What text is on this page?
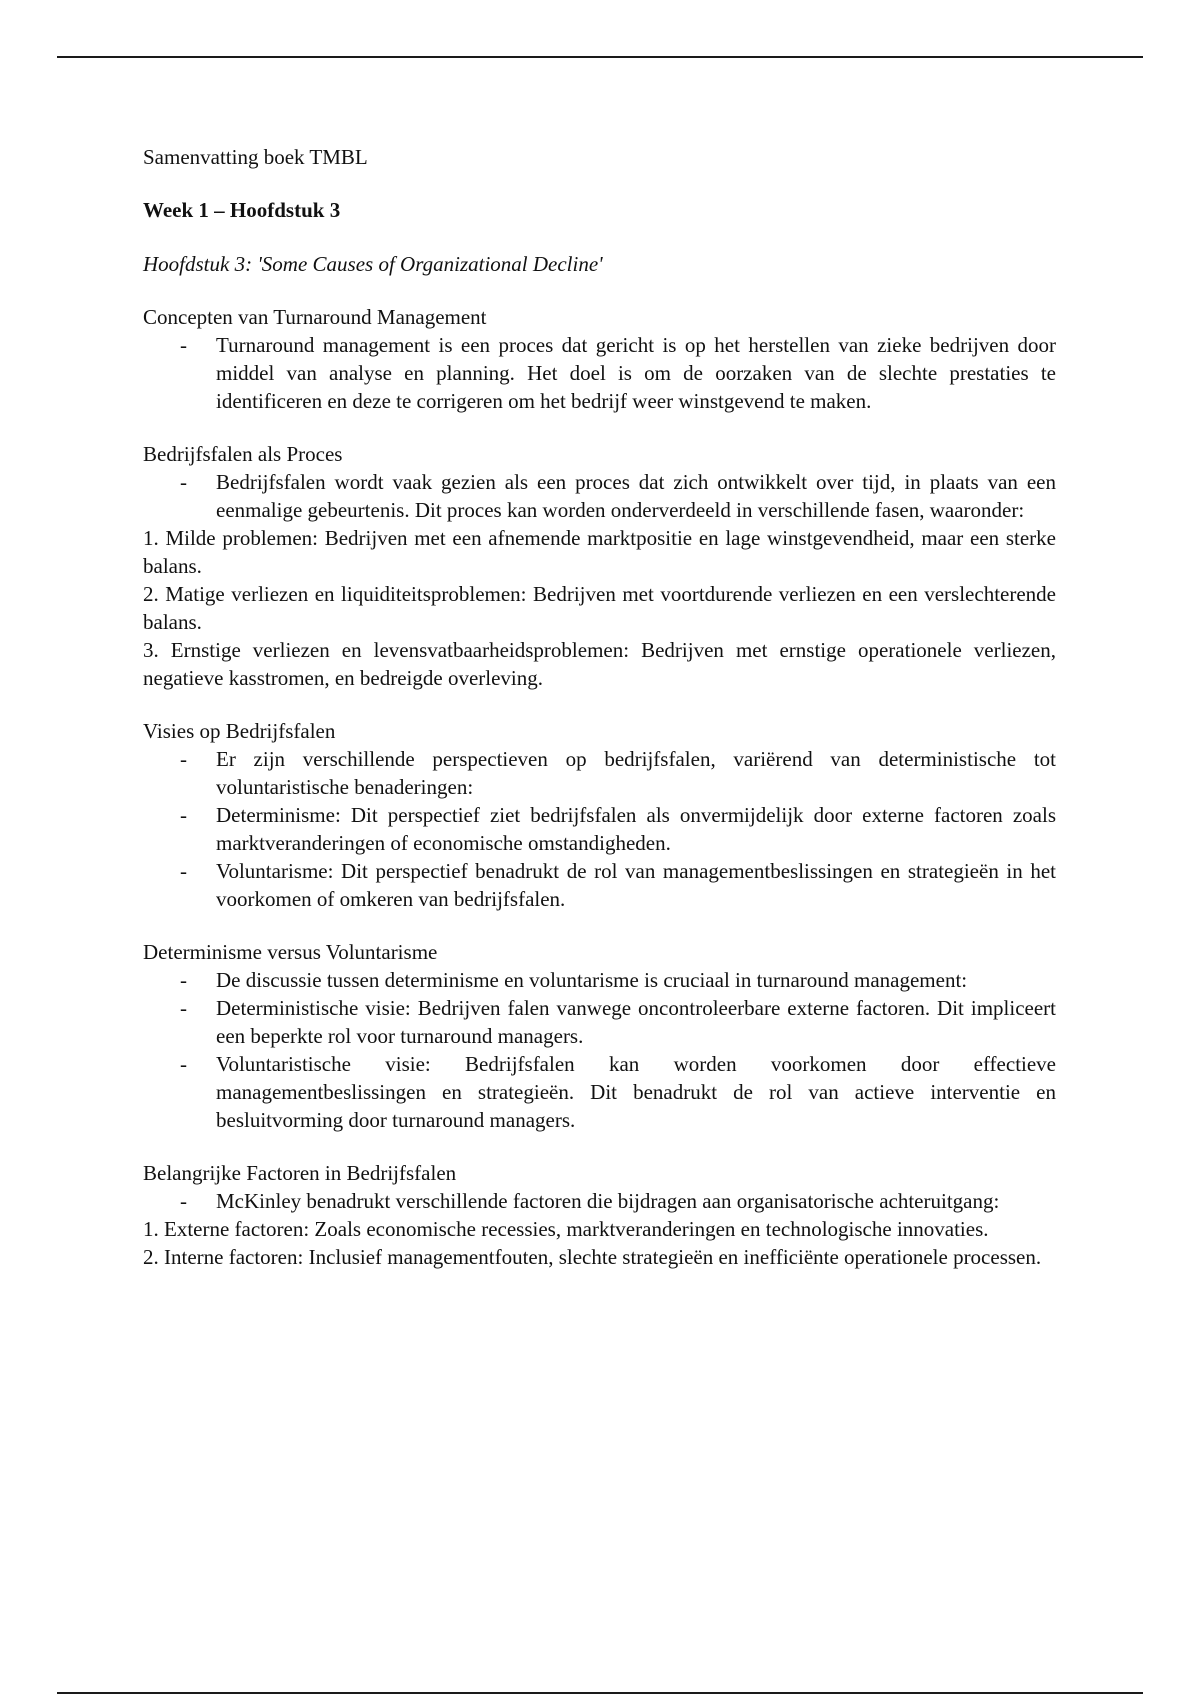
Samenvatting boek TMBL

Week 1 – Hoofdstuk 3

Hoofdstuk 3: 'Some Causes of Organizational Decline'

Concepten van Turnaround Management

- Turnaround management is een proces dat gericht is op het herstellen van zieke bedrijven door middel van analyse en planning. Het doel is om de oorzaken van de slechte prestaties te identificeren en deze te corrigeren om het bedrijf weer winstgevend te maken.

Bedrijfsfalen als Proces

- Bedrijfsfalen wordt vaak gezien als een proces dat zich ontwikkelt over tijd, in plaats van een eenmalige gebeurtenis. Dit proces kan worden onderverdeeld in verschillende fasen, waaronder:

1. Milde problemen: Bedrijven met een afnemende marktpositie en lage winstgevendheid, maar een sterke balans.

2. Matige verliezen en liquiditeitsproblemen: Bedrijven met voortdurende verliezen en een verslechterende balans.

3. Ernstige verliezen en levensvatbaarheidsproblemen: Bedrijven met ernstige operationele verliezen, negatieve kasstromen, en bedreigde overleving.

Visies op Bedrijfsfalen

- Er zijn verschillende perspectieven op bedrijfsfalen, variërend van deterministische tot voluntaristische benaderingen:
- Determinisme: Dit perspectief ziet bedrijfsfalen als onvermijdelijk door externe factoren zoals marktveranderingen of economische omstandigheden.
- Voluntarisme: Dit perspectief benadrukt de rol van managementbeslissingen en strategieën in het voorkomen of omkeren van bedrijfsfalen.

Determinisme versus Voluntarisme

- De discussie tussen determinisme en voluntarisme is cruciaal in turnaround management:
- Deterministische visie: Bedrijven falen vanwege oncontroleerbare externe factoren. Dit impliceert een beperkte rol voor turnaround managers.
- Voluntaristische visie: Bedrijfsfalen kan worden voorkomen door effectieve managementbeslissingen en strategieën. Dit benadrukt de rol van actieve interventie en besluitvorming door turnaround managers.

Belangrijke Factoren in Bedrijfsfalen

- McKinley benadrukt verschillende factoren die bijdragen aan organisatorische achteruitgang:

1. Externe factoren: Zoals economische recessies, marktveranderingen en technologische innovaties.

2. Interne factoren: Inclusief managementfouten, slechte strategieën en inefficiënte operationele processen.
